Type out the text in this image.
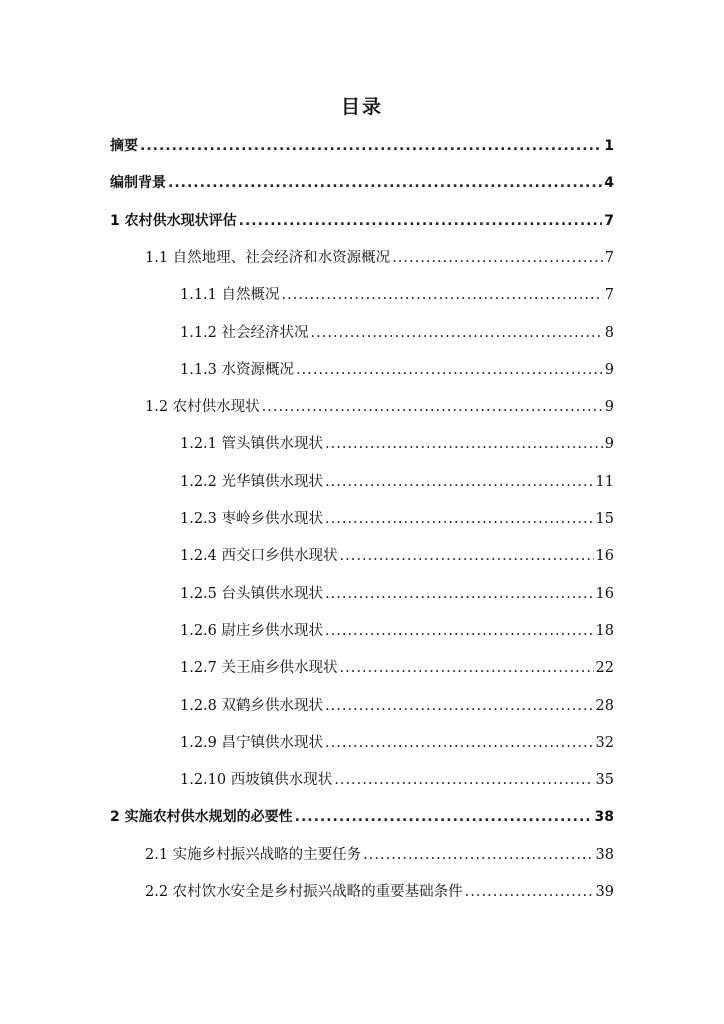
目录
摘要 .....	1
编制背景 .....	4
1 农村供水现状评估 .....	7
1.1 自然地理、社会经济和水资源概况 .....	7
1.1.1 自然概况 .....	7
1.1.2 社会经济状况 .....	8
1.1.3 水资源概况 .....	9
1.2 农村供水现状 .....	9
1.2.1 管头镇供水现状 .....	9
1.2.2 光华镇供水现状 .....	11
1.2.3 枣岭乡供水现状 .....	15
1.2.4 西交口乡供水现状 .....	16
1.2.5 台头镇供水现状 .....	16
1.2.6 尉庄乡供水现状 .....	18
1.2.7 关王庙乡供水现状 .....	22
1.2.8 双鹤乡供水现状 .....	28
1.2.9 昌宁镇供水现状 .....	32
1.2.10 西坡镇供水现状 .....	35
2 实施农村供水规划的必要性 .....	38
2.1 实施乡村振兴战略的主要任务 .....	38
2.2 农村饮水安全是乡村振兴战略的重要基础条件 .....	39
